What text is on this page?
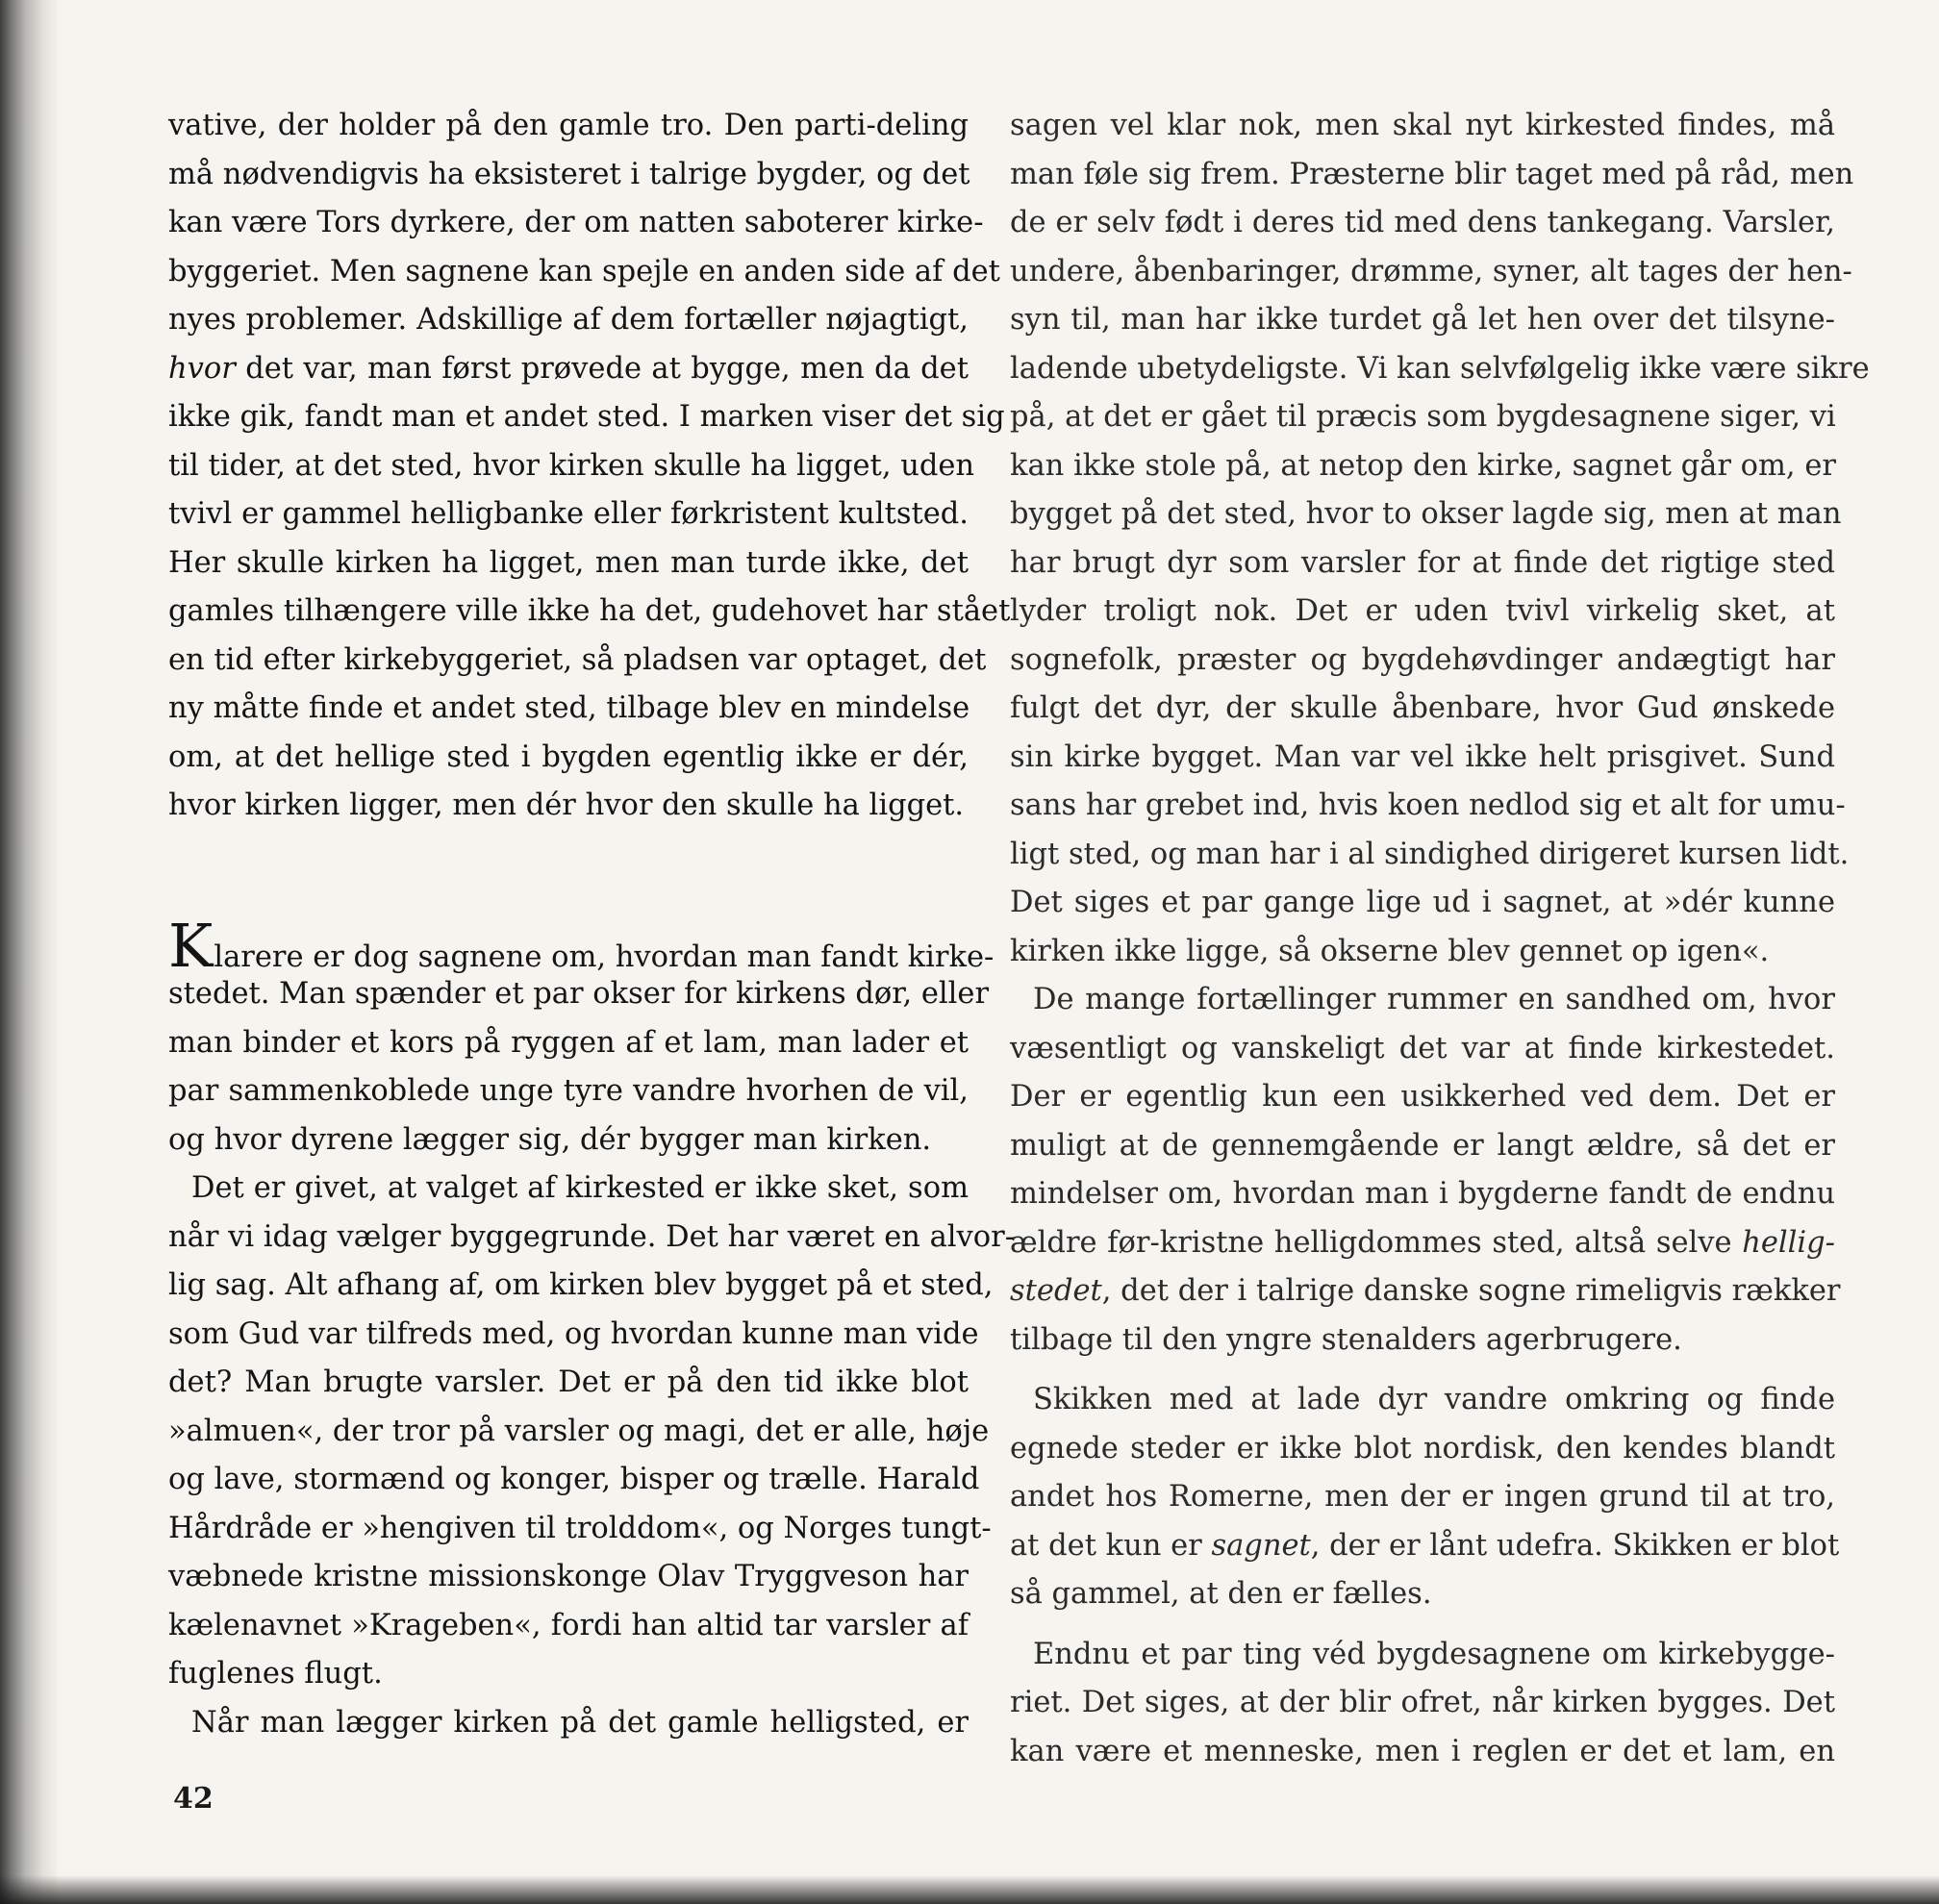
vative, der holder på den gamle tro. Den parti-deling
må nødvendigvis ha eksisteret i talrige bygder, og det
kan være Tors dyrkere, der om natten saboterer kirke-
byggeriet. Men sagnene kan spejle en anden side af det
nyes problemer. Adskillige af dem fortæller nøjagtigt,
hvor det var, man først prøvede at bygge, men da det
ikke gik, fandt man et andet sted. I marken viser det sig
til tider, at det sted, hvor kirken skulle ha ligget, uden
tvivl er gammel helligbanke eller førkristent kultsted.
Her skulle kirken ha ligget, men man turde ikke, det
gamles tilhængere ville ikke ha det, gudehovet har stået
en tid efter kirkebyggeriet, så pladsen var optaget, det
ny måtte finde et andet sted, tilbage blev en mindelse
om, at det hellige sted i bygden egentlig ikke er dér,
hvor kirken ligger, men dér hvor den skulle ha ligget.
Klarere er dog sagnene om, hvordan man fandt kirke-
stedet. Man spænder et par okser for kirkens dør, eller
man binder et kors på ryggen af et lam, man lader et
par sammenkoblede unge tyre vandre hvorhen de vil,
og hvor dyrene lægger sig, dér bygger man kirken.
Det er givet, at valget af kirkested er ikke sket, som
når vi idag vælger byggegrunde. Det har været en alvor-
lig sag. Alt afhang af, om kirken blev bygget på et sted,
som Gud var tilfreds med, og hvordan kunne man vide
det? Man brugte varsler. Det er på den tid ikke blot
»almuen«, der tror på varsler og magi, det er alle, høje
og lave, stormænd og konger, bisper og trælle. Harald
Hårdråde er »hengiven til trolddom«, og Norges tungt-
væbnede kristne missionskonge Olav Tryggveson har
kælenavnet »Krageben«, fordi han altid tar varsler af
fuglenes flugt.
Når man lægger kirken på det gamle helligsted, er
sagen vel klar nok, men skal nyt kirkested findes, må
man føle sig frem. Præsterne blir taget med på råd, men
de er selv født i deres tid med dens tankegang. Varsler,
undere, åbenbaringer, drømme, syner, alt tages der hen-
syn til, man har ikke turdet gå let hen over det tilsyne-
ladende ubetydeligste. Vi kan selvfølgelig ikke være sikre
på, at det er gået til præcis som bygdesagnene siger, vi
kan ikke stole på, at netop den kirke, sagnet går om, er
bygget på det sted, hvor to okser lagde sig, men at man
har brugt dyr som varsler for at finde det rigtige sted
lyder troligt nok. Det er uden tvivl virkelig sket, at
sognefolk, præster og bygdehøvdinger andægtigt har
fulgt det dyr, der skulle åbenbare, hvor Gud ønskede
sin kirke bygget. Man var vel ikke helt prisgivet. Sund
sans har grebet ind, hvis koen nedlod sig et alt for umu-
ligt sted, og man har i al sindighed dirigeret kursen lidt.
Det siges et par gange lige ud i sagnet, at »dér kunne
kirken ikke ligge, så okserne blev gennet op igen«.
De mange fortællinger rummer en sandhed om, hvor
væsentligt og vanskeligt det var at finde kirkestedet.
Der er egentlig kun een usikkerhed ved dem. Det er
muligt at de gennemgående er langt ældre, så det er
mindelser om, hvordan man i bygderne fandt de endnu
ældre før-kristne helligdommes sted, altså selve hellig-
stedet, det der i talrige danske sogne rimeligvis rækker
tilbage til den yngre stenalders agerbrugere.
Skikken med at lade dyr vandre omkring og finde
egnede steder er ikke blot nordisk, den kendes blandt
andet hos Romerne, men der er ingen grund til at tro,
at det kun er sagnet, der er lånt udefra. Skikken er blot
så gammel, at den er fælles.
Endnu et par ting véd bygdesagnene om kirkebygge-
riet. Det siges, at der blir ofret, når kirken bygges. Det
kan være et menneske, men i reglen er det et lam, en
42
